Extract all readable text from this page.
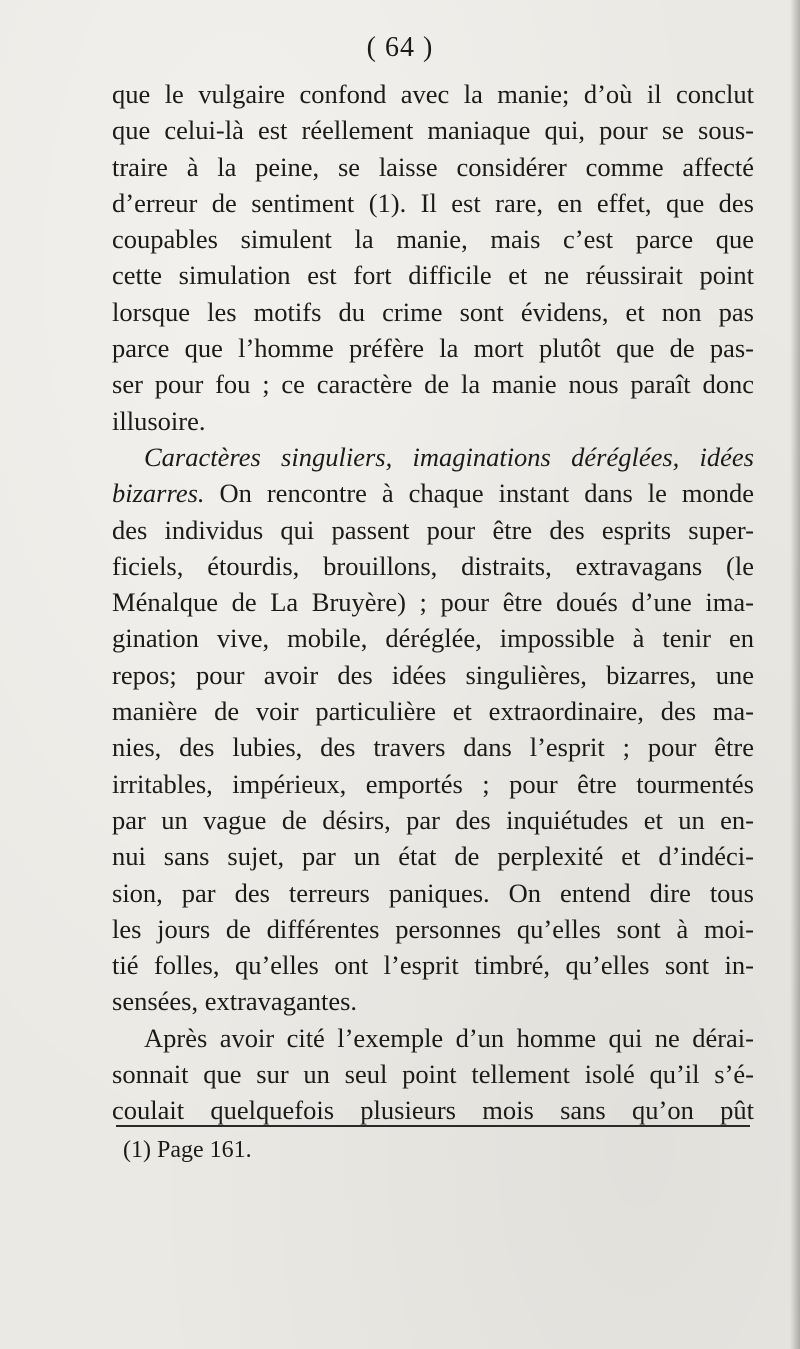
( 64 )
que le vulgaire confond avec la manie; d’où il conclut
que celui-là est réellement maniaque qui, pour se sous-
traire à la peine, se laisse considérer comme affecté
d’erreur de sentiment (1). Il est rare, en effet, que des
coupables simulent la manie, mais c’est parce que
cette simulation est fort difficile et ne réussirait point
lorsque les motifs du crime sont évidens, et non pas
parce que l’homme préfère la mort plutôt que de pas-
ser pour fou ; ce caractère de la manie nous paraît donc
illusoire.
Caractères singuliers, imaginations déréglées, idées
bizarres. On rencontre à chaque instant dans le monde
des individus qui passent pour être des esprits super-
ficiels, étourdis, brouillons, distraits, extravagans (le
Ménalque de La Bruyère) ; pour être doués d’une ima-
gination vive, mobile, déréglée, impossible à tenir en
repos; pour avoir des idées singulières, bizarres, une
manière de voir particulière et extraordinaire, des ma-
nies, des lubies, des travers dans l’esprit ; pour être
irritables, impérieux, emportés ; pour être tourmentés
par un vague de désirs, par des inquiétudes et un en-
nui sans sujet, par un état de perplexité et d’indéci-
sion, par des terreurs paniques. On entend dire tous
les jours de différentes personnes qu’elles sont à moi-
tié folles, qu’elles ont l’esprit timbré, qu’elles sont in-
sensées, extravagantes.
Après avoir cité l’exemple d’un homme qui ne dérai-
sonnait que sur un seul point tellement isolé qu’il s’é-
coulait quelquefois plusieurs mois sans qu’on pût
(1) Page 161.
